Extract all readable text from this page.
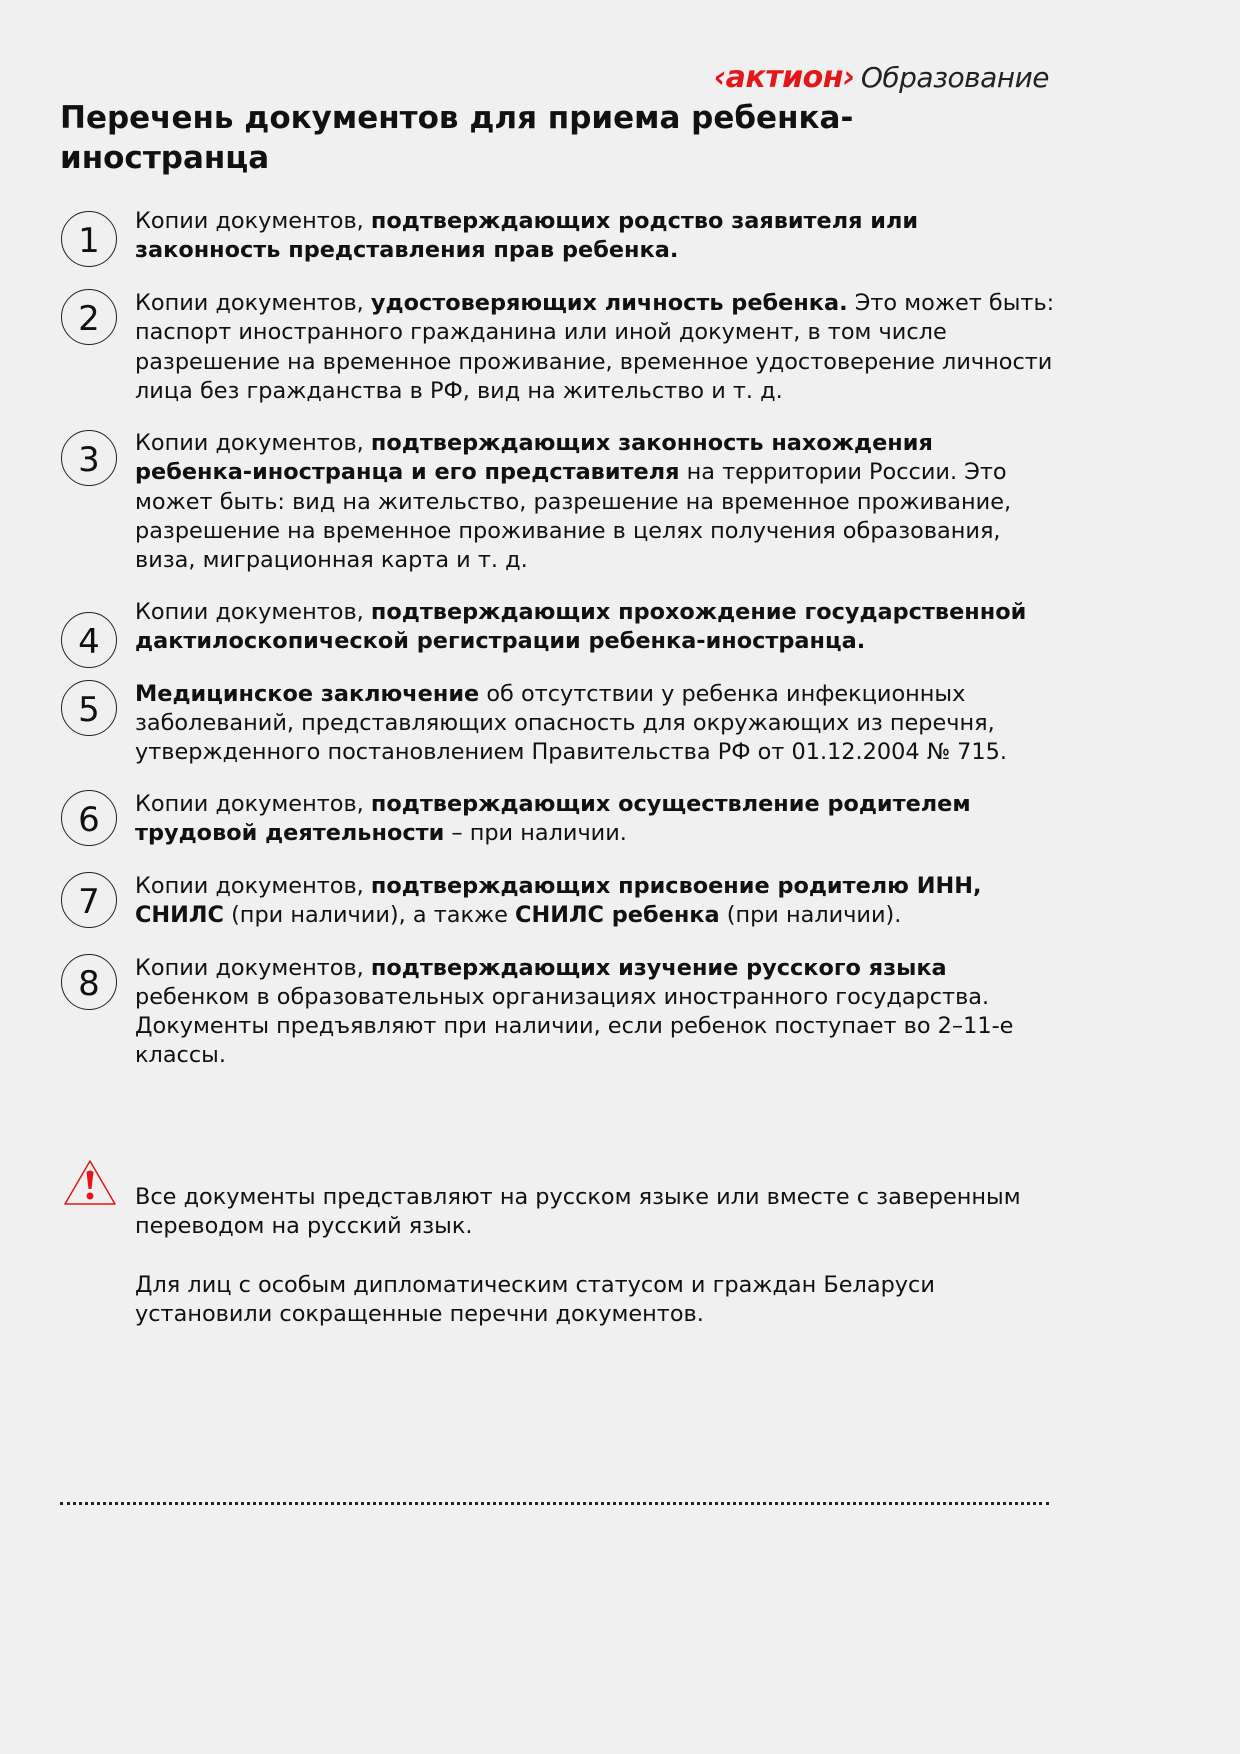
‹актион› Образование
Перечень документов для приема ребенка-иностранца
1	Копии документов, подтверждающих родство заявителя или законность представления прав ребенка.
2	Копии документов, удостоверяющих личность ребенка. Это может быть: паспорт иностранного гражданина или иной документ, в том числе разрешение на временное проживание, временное удостоверение личности лица без гражданства в РФ, вид на жительство и т. д.
3	Копии документов, подтверждающих законность нахождения ребенка-иностранца и его представителя на территории России. Это может быть: вид на жительство, разрешение на временное проживание, разрешение на временное проживание в целях получения образования, виза, миграционная карта и т. д.
4
Копии документов, подтверждающих прохождение государственной дактилоскопической регистрации ребенка-иностранца.
5	Медицинское заключение об отсутствии у ребенка инфекционных заболеваний, представляющих опасность для окружающих из перечня, утвержденного постановлением Правительства РФ от 01.12.2004 № 715.
6	Копии документов, подтверждающих осуществление родителем трудовой деятельности – при наличии.
7	Копии документов, подтверждающих присвоение родителю ИНН, СНИЛС (при наличии), а также СНИЛС ребенка (при наличии).
8	Копии документов, подтверждающих изучение русского языка ребенком в образовательных организациях иностранного государства. Документы предъявляют при наличии, если ребенок поступает во 2–11-е классы.

Все документы представляют на русском языке или вместе с заверенным переводом на русский язык.

Для лиц с особым дипломатическим статусом и граждан Беларуси установили сокращенные перечни документов.
